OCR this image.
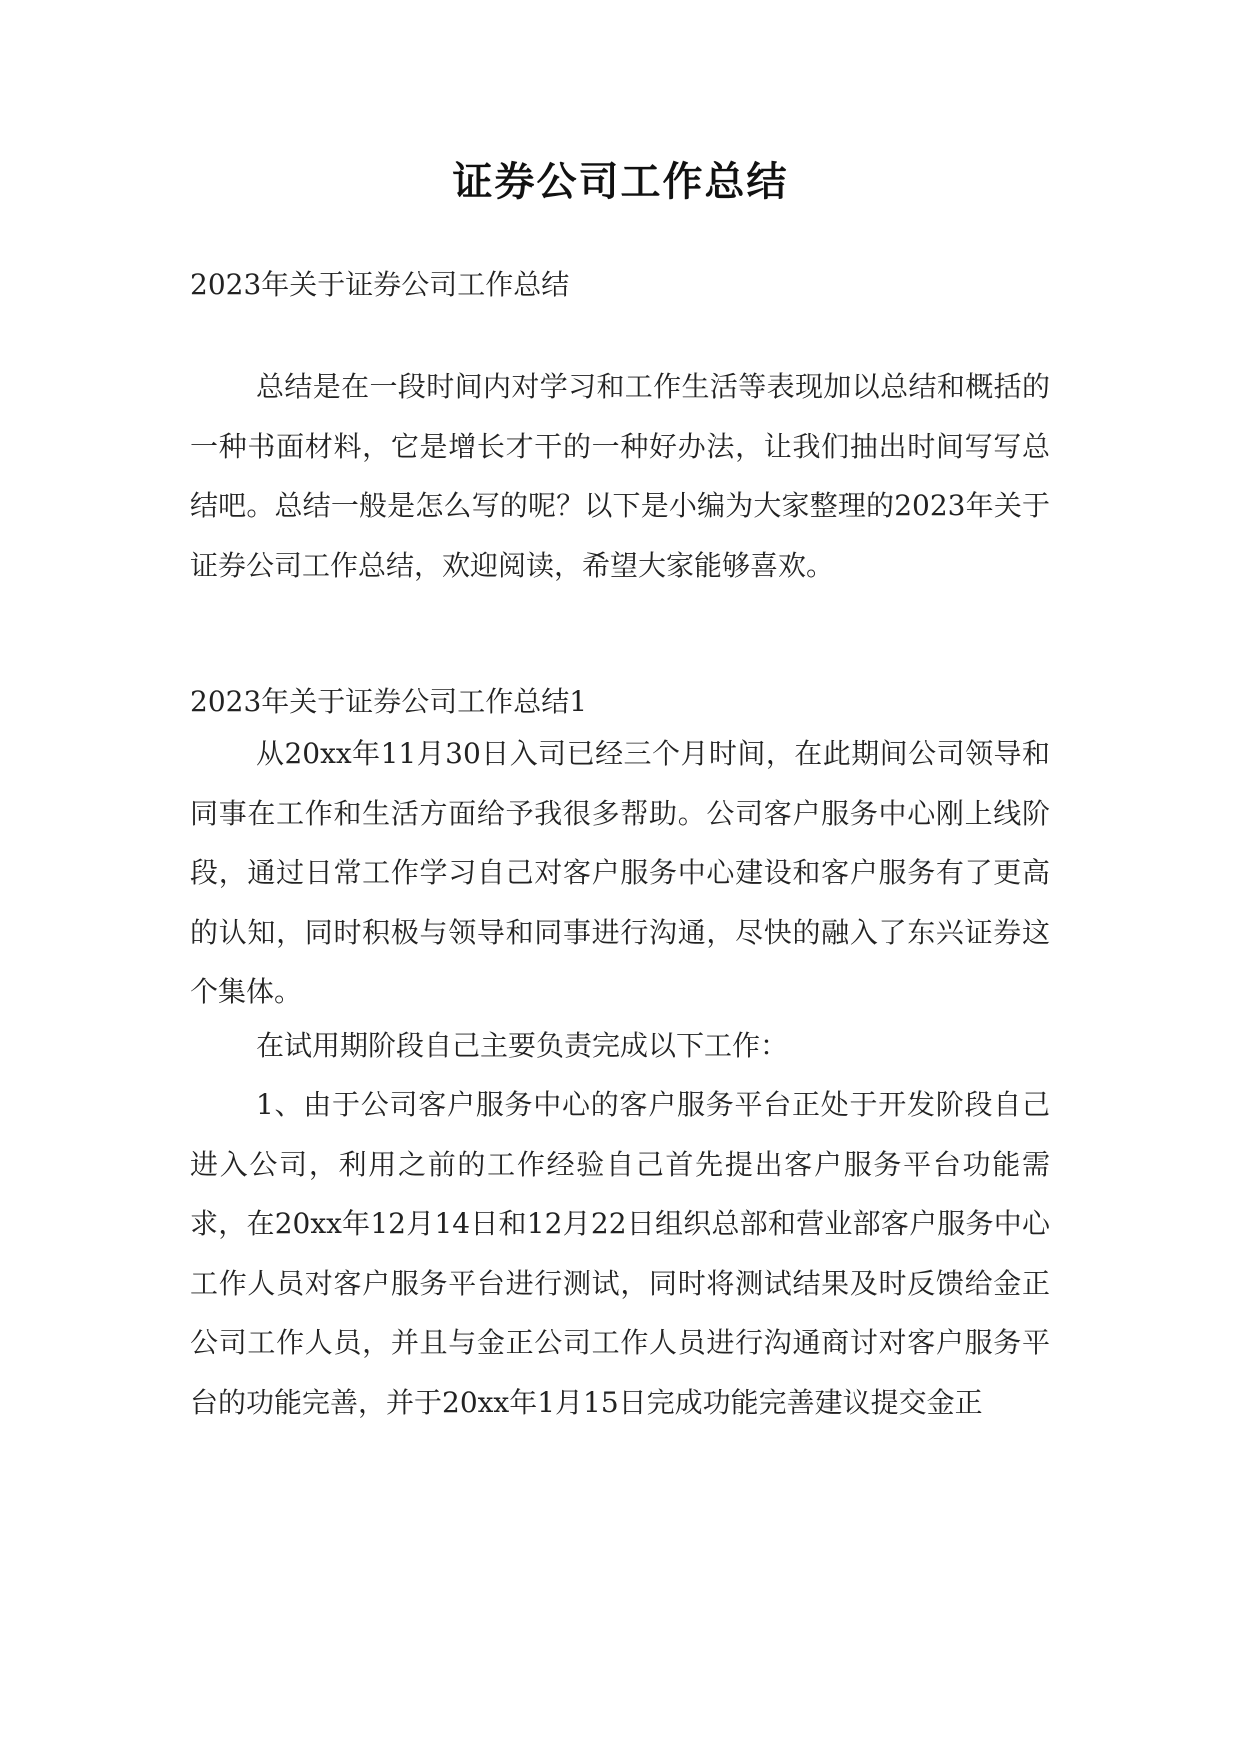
证券公司工作总结
2023年关于证券公司工作总结
总结是在一段时间内对学习和工作生活等表现加以总结和概括的一种书面材料，它是增长才干的一种好办法，让我们抽出时间写写总结吧。总结一般是怎么写的呢？以下是小编为大家整理的2023年关于证券公司工作总结，欢迎阅读，希望大家能够喜欢。
2023年关于证券公司工作总结1
从20xx年11月30日入司已经三个月时间，在此期间公司领导和同事在工作和生活方面给予我很多帮助。公司客户服务中心刚上线阶段，通过日常工作学习自己对客户服务中心建设和客户服务有了更高的认知，同时积极与领导和同事进行沟通，尽快的融入了东兴证券这个集体。
在试用期阶段自己主要负责完成以下工作：
1、由于公司客户服务中心的客户服务平台正处于开发阶段自己进入公司，利用之前的工作经验自己首先提出客户服务平台功能需求，在20xx年12月14日和12月22日组织总部和营业部客户服务中心工作人员对客户服务平台进行测试，同时将测试结果及时反馈给金正公司工作人员，并且与金正公司工作人员进行沟通商讨对客户服务平台的功能完善，并于20xx年1月15日完成功能完善建议提交金正
